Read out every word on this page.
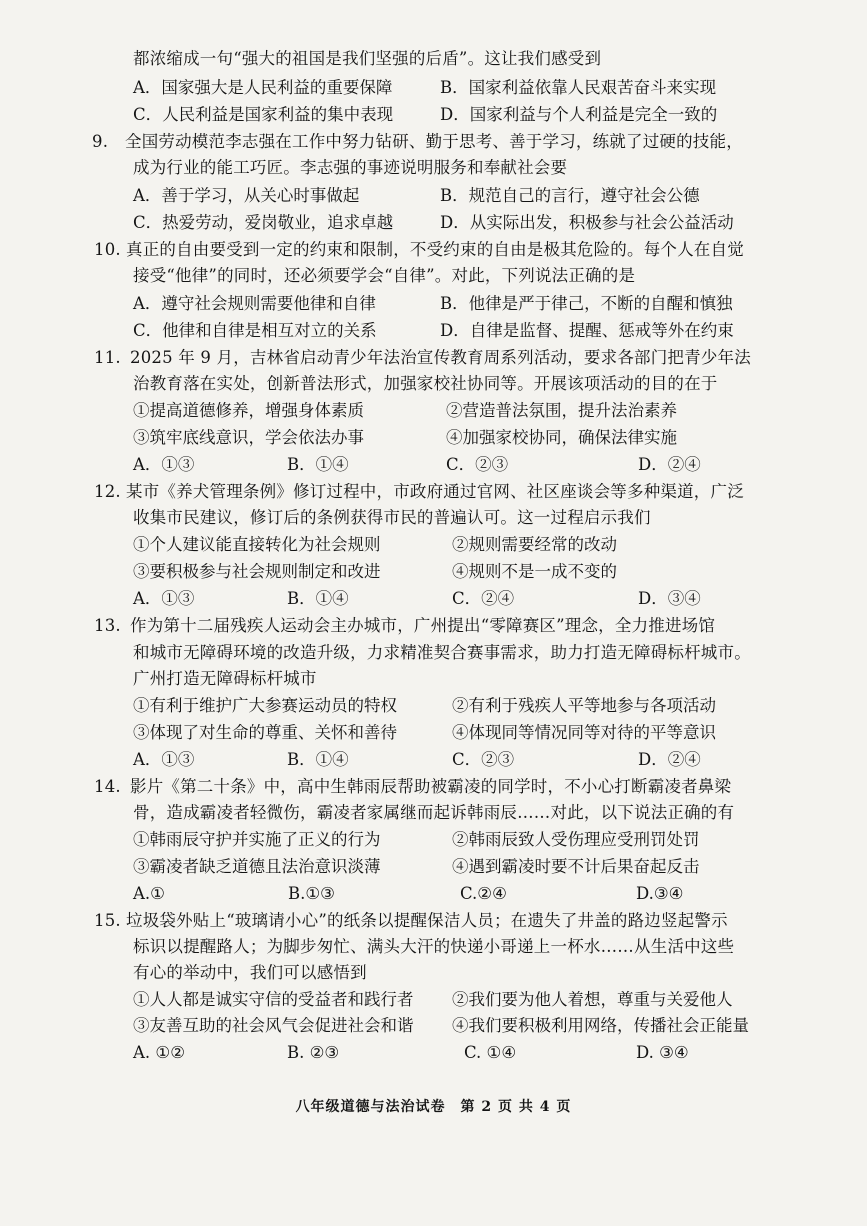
都浓缩成一句“强大的祖国是我们坚强的后盾”。这让我们感受到
A．国家强大是人民利益的重要保障	B．国家利益依靠人民艰苦奋斗来实现
C．人民利益是国家利益的集中表现	D．国家利益与个人利益是完全一致的
9. 全国劳动模范李志强在工作中努力钻研、勤于思考、善于学习，练就了过硬的技能，
成为行业的能工巧匠。李志强的事迹说明服务和奉献社会要
A．善于学习，从关心时事做起	B．规范自己的言行，遵守社会公德
C．热爱劳动，爱岗敬业，追求卓越	D．从实际出发，积极参与社会公益活动
10. 真正的自由要受到一定的约束和限制，不受约束的自由是极其危险的。每个人在自觉
接受“他律”的同时，还必须要学会“自律”。对此，下列说法正确的是
A．遵守社会规则需要他律和自律	B．他律是严于律己，不断的自醒和慎独
C．他律和自律是相互对立的关系	D．自律是监督、提醒、惩戒等外在约束
11. 2025 年 9 月，吉林省启动青少年法治宣传教育周系列活动，要求各部门把青少年法
治教育落在实处，创新普法形式，加强家校社协同等。开展该项活动的目的在于
①提高道德修养，增强身体素质	②营造普法氛围，提升法治素养
③筑牢底线意识，学会依法办事	④加强家校协同，确保法律实施
A．①③	B．①④	C．②③	D．②④
12. 某市《养犬管理条例》修订过程中，市政府通过官网、社区座谈会等多种渠道，广泛
收集市民建议，修订后的条例获得市民的普遍认可。这一过程启示我们
①个人建议能直接转化为社会规则	②规则需要经常的改动
③要积极参与社会规则制定和改进	④规则不是一成不变的
A．①③	B．①④	C．②④	D．③④
13. 作为第十二届残疾人运动会主办城市，广州提出“零障赛区”理念，全力推进场馆
和城市无障碍环境的改造升级，力求精准契合赛事需求，助力打造无障碍标杆城市。
广州打造无障碍标杆城市
①有利于维护广大参赛运动员的特权	②有利于残疾人平等地参与各项活动
③体现了对生命的尊重、关怀和善待	④体现同等情况同等对待的平等意识
A．①③	B．①④	C．②③	D．②④
14. 影片《第二十条》中，高中生韩雨辰帮助被霸凌的同学时，不小心打断霸凌者鼻梁
骨，造成霸凌者轻微伤，霸凌者家属继而起诉韩雨辰……对此，以下说法正确的有
①韩雨辰守护并实施了正义的行为	②韩雨辰致人受伤理应受刑罚处罚
③霸凌者缺乏道德且法治意识淡薄	④遇到霸凌时要不计后果奋起反击
A.①	B.①③	C.②④	D.③④
15. 垃圾袋外贴上“玻璃请小心”的纸条以提醒保洁人员；在遗失了井盖的路边竖起警示
标识以提醒路人；为脚步匆忙、满头大汗的快递小哥递上一杯水……从生活中这些
有心的举动中，我们可以感悟到
①人人都是诚实守信的受益者和践行者 ②我们要为他人着想，尊重与关爱他人
③友善互助的社会风气会促进社会和谐 ④我们要积极利用网络，传播社会正能量
A. ①②	B. ②③	C. ①④	D. ③④
八年级道德与法治试卷　第 2 页 共 4 页
